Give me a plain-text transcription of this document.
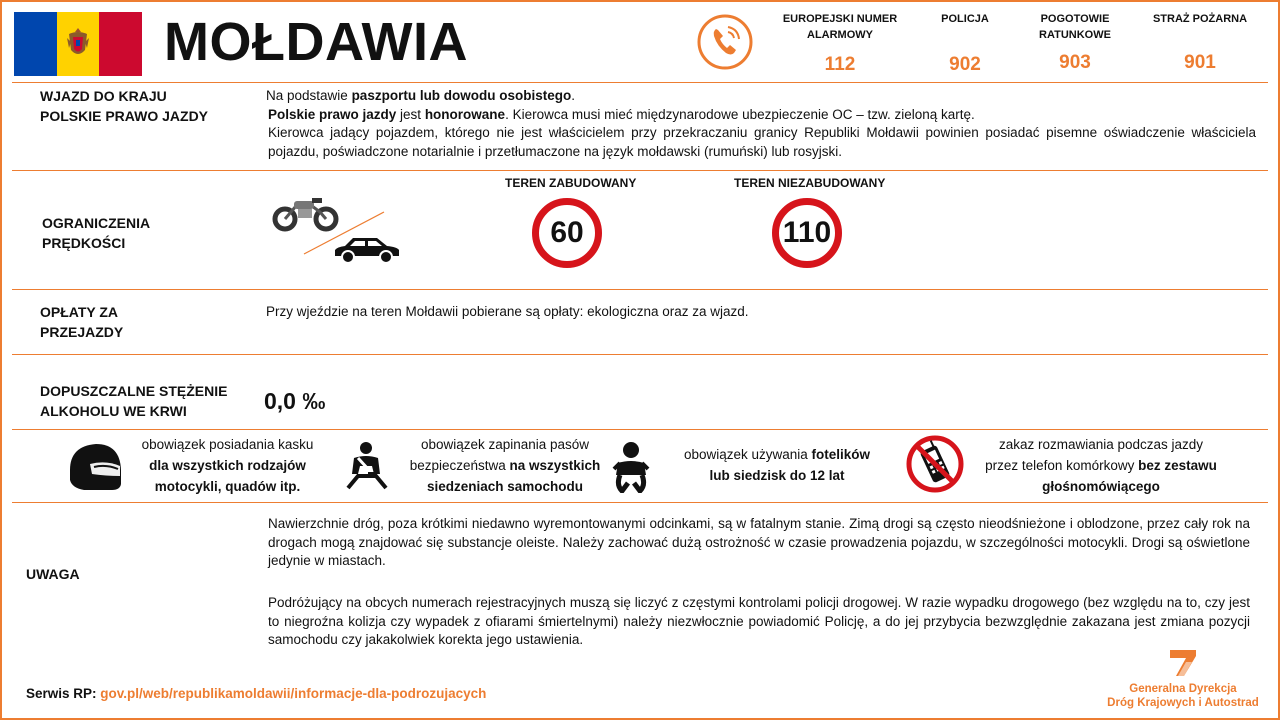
MOŁDAWIA	EUROPEJSKI NUMER ALARMOWY
112
POLICJA
902
POGOTOWIE RATUNKOWE
903
STRAŻ POŻARNA
901
WJAZD DO KRAJU
POLSKIE PRAWO JAZDY
Na podstawie paszportu lub dowodu osobistego.
Polskie prawo jazdy jest honorowane. Kierowca musi mieć międzynarodowe ubezpieczenie OC – tzw. zieloną kartę.
Kierowca jadący pojazdem, którego nie jest właścicielem przy przekraczaniu granicy Republiki Mołdawii powinien posiadać pisemne oświadczenie właściciela pojazdu, poświadczone notarialnie i przetłumaczone na język mołdawski (rumuński) lub rosyjski.
OGRANICZENIA PRĘDKOŚCI
TEREN ZABUDOWANY
60
TEREN NIEZABUDOWANY
110
OPŁATY ZA PRZEJAZDY
Przy wjeździe na teren Mołdawii pobierane są opłaty: ekologiczna oraz za wjazd.
DOPUSZCZALNE STĘŻENIE ALKOHOLU WE KRWI	0,0 ‰
obowiązek posiadania kasku
dla wszystkich rodzajów motocykli, quadów itp.
obowiązek zapinania pasów
bezpieczeństwa na wszystkich siedzeniach samochodu
obowiązek używania fotelików lub siedzisk do 12 lat
zakaz rozmawiania podczas jazdy
przez telefon komórkowy bez zestawu głośnomówiącego
UWAGA
Nawierzchnie dróg, poza krótkimi niedawno wyremontowanymi odcinkami, są w fatalnym stanie. Zimą drogi są często nieodśnieżone i oblodzone, przez cały rok na drogach mogą znajdować się substancje oleiste. Należy zachować dużą ostrożność w czasie prowadzenia pojazdu, w szczególności motocykli. Drogi są oświetlone jedynie w miastach.
Podróżujący na obcych numerach rejestracyjnych muszą się liczyć z częstymi kontrolami policji drogowej. W razie wypadku drogowego (bez względu na to, czy jest to niegroźna kolizja czy wypadek z ofiarami śmiertelnymi) należy niezwłocznie powiadomić Policję, a do jej przybycia bezwzględnie zakazana jest zmiana pozycji samochodu czy jakakolwiek korekta jego ustawienia.
Serwis RP: gov.pl/web/republikamoldawii/informacje-dla-podrozujacych	Generalna Dyrekcja
Dróg Krajowych i Autostrad
